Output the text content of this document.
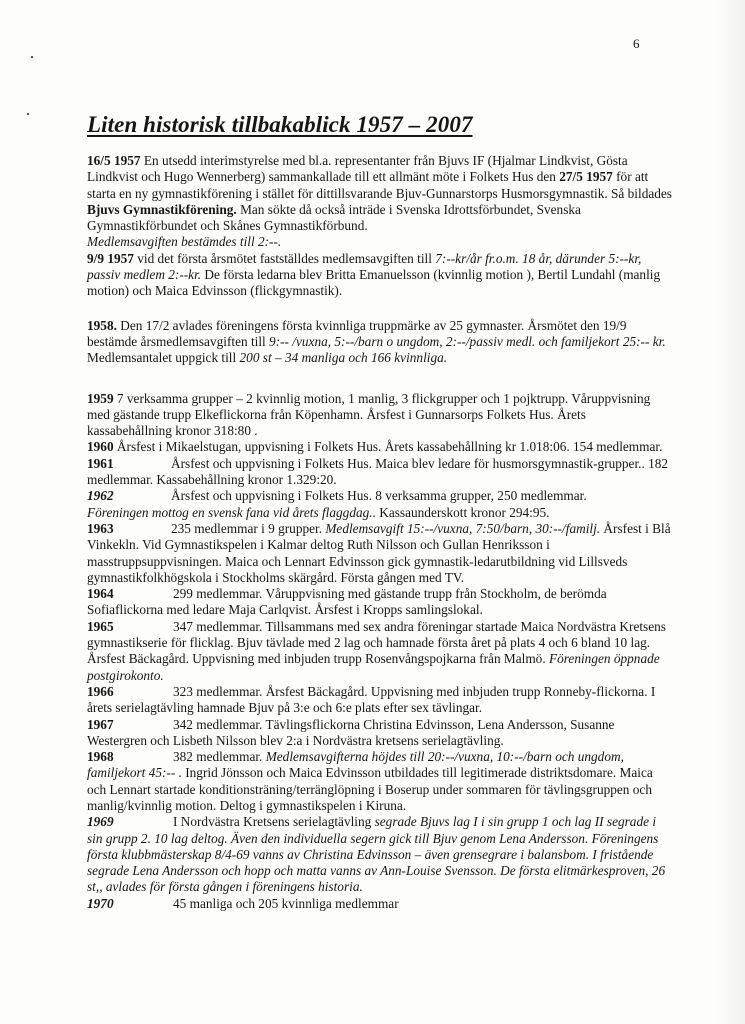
6
Liten historisk tillbakablick 1957 – 2007

16/5 1957 En utsedd interimstyrelse med bl.a. representanter från Bjuvs IF (Hjalmar Lindkvist, Gösta Lindkvist och Hugo Wennerberg) sammankallade till ett allmänt möte i Folkets Hus den 27/5 1957 för att starta en ny gymnastikförening i stället för dittillsvarande Bjuv-Gunnarstorps Husmorsgymnastik. Så bildades Bjuvs Gymnastikförening. Man sökte då också inträde i Svenska Idrottsförbundet, Svenska Gymnastikförbundet och Skånes Gymnastikförbund.
Medlemsavgiften bestämdes till 2:--.
9/9 1957 vid det första årsmötet fastställdes medlemsavgiften till 7:--kr/år fr.o.m. 18 år, därunder 5:--kr, passiv medlem 2:--kr. De första ledarna blev Britta Emanuelsson (kvinnlig motion ), Bertil Lundahl (manlig motion) och Maica Edvinsson (flickgymnastik).

1958. Den 17/2 avlades föreningens första kvinnliga truppmärke av 25 gymnaster. Årsmötet den 19/9 bestämde årsmedlemsavgiften till 9:-- /vuxna, 5:--/barn o ungdom, 2:--/passiv medl. och familjekort 25:-- kr. Medlemsantalet uppgick till 200 st – 34 manliga och 166 kvinnliga.

1959 7 verksamma grupper – 2 kvinnlig motion, 1 manlig, 3 flickgrupper och 1 pojktrupp. Våruppvisning med gästande trupp Elkeflickorna från Köpenhamn. Årsfest i Gunnarsorps Folkets Hus. Årets kassabehållning kronor 318:80 .

1960 Årsfest i Mikaelstugan, uppvisning i Folkets Hus. Årets kassabehållning kr 1.018:06. 154 medlemmar.

1961	Årsfest och uppvisning i Folkets Hus. Maica blev ledare för husmorsgymnastik-grupper.. 182 medlemmar. Kassabehållning kronor 1.329:20.

1962	Årsfest och uppvisning i Folkets Hus. 8 verksamma grupper, 250 medlemmar.
Föreningen mottog en svensk fana vid årets flaggdag.. Kassaunderskott kronor 294:95.

1963	235 medlemmar i 9 grupper. Medlemsavgift 15:--/vuxna, 7:50/barn, 30:--/familj. Årsfest i Blå Vinkekln. Vid Gymnastikspelen i Kalmar deltog Ruth Nilsson och Gullan Henriksson i masstruppsuppvisningen. Maica och Lennart Edvinsson gick gymnastik-ledarutbildning vid Lillsveds gymnastikfolkhögskola i Stockholms skärgård. Första gången med TV.

1964	299 medlemmar. Våruppvisning med gästande trupp från Stockholm, de berömda Sofiaflickorna med ledare Maja Carlqvist. Årsfest i Kropps samlingslokal.

1965	347 medlemmar. Tillsammans med sex andra föreningar startade Maica Nordvästra Kretsens gymnastikserie för flicklag. Bjuv tävlade med 2 lag och hamnade första året på plats 4 och 6 bland 10 lag. Årsfest Bäckagård. Uppvisning med inbjuden trupp Rosenvångspojkarna från Malmö. Föreningen öppnade postgirokonto.

1966	323 medlemmar. Årsfest Bäckagård. Uppvisning med inbjuden trupp Ronneby-flickorna. I årets serielagtävling hamnade Bjuv på 3:e och 6:e plats efter sex tävlingar.

1967	342 medlemmar. Tävlingsflickorna Christina Edvinsson, Lena Andersson, Susanne Westergren och Lisbeth Nilsson blev 2:a i Nordvästra kretsens serielagtävling.

1968	382 medlemmar. Medlemsavgifterna höjdes till 20:--/vuxna, 10:--/barn och ungdom, familjekort 45:-- . Ingrid Jönsson och Maica Edvinsson utbildades till legitimerade distriktsdomare. Maica och Lennart startade konditionsträning/terränglöpning i Boserup under sommaren för tävlingsgruppen och manlig/kvinnlig motion. Deltog i gymnastikspelen i Kiruna.

1969	I Nordvästra Kretsens serielagtävling segrade Bjuvs lag I i sin grupp 1 och lag II segrade i sin grupp 2. 10 lag deltog. Även den individuella segern gick till Bjuv genom Lena Andersson. Föreningens första klubbmästerskap 8/4-69 vanns av Christina Edvinsson – även grensegrare i balansbom. I fristående segrade Lena Andersson och hopp och matta vanns av Ann-Louise Svensson. De första elitmärkesproven, 26 st,, avlades för första gången i föreningens historia.

1970	45 manliga och 205 kvinnliga medlemmar
